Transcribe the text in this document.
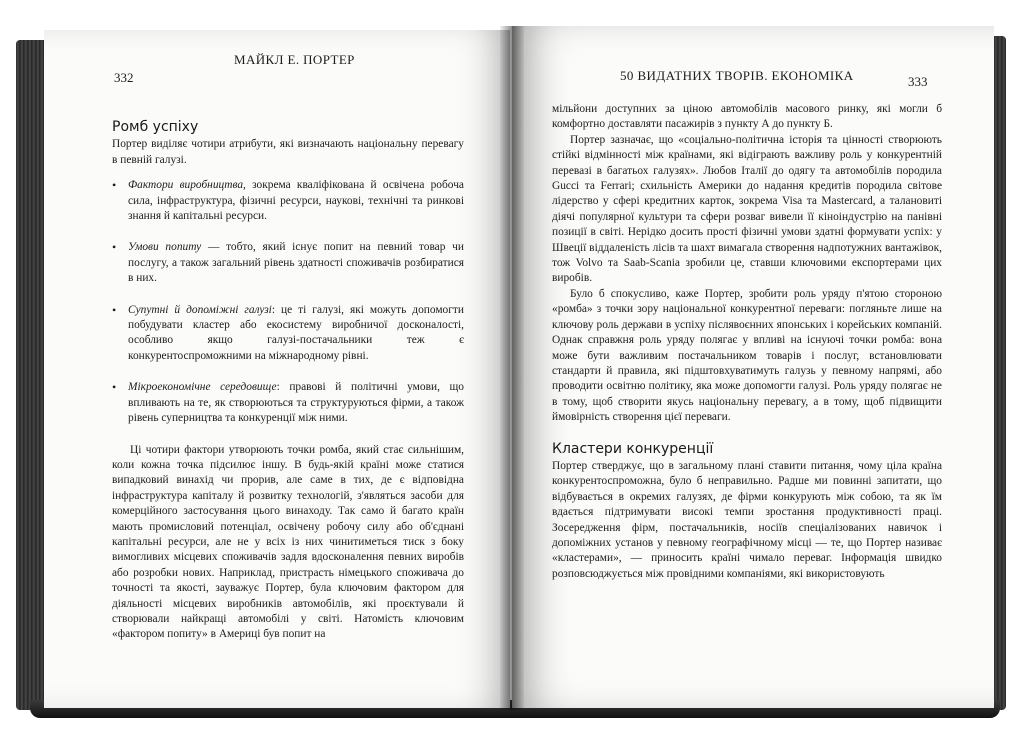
332
МАЙКЛ Е. ПОРТЕР
Ромб успіху

Портер виділяє чотири атрибути, які визначають національну перевагу в певній галузі.

• Фактори виробництва, зокрема кваліфікована й освічена робоча сила, інфраструктура, фізичні ресурси, наукові, технічні та ринкові знання й капітальні ресурси.
• Умови попиту — тобто, який існує попит на певний товар чи послугу, а також загальний рівень здатності споживачів розбиратися в них.
• Супутні й допоміжні галузі: це ті галузі, які можуть допомогти побудувати кластер або екосистему виробничої досконалості, особливо якщо галузі-постачальники теж є конкурентоспроможними на міжнародному рівні.
• Мікроекономічне середовище: правові й політичні умови, що впливають на те, як створюються та структуруються фірми, а також рівень суперництва та конкуренції між ними.

Ці чотири фактори утворюють точки ромба, який стає сильнішим, коли кожна точка підсилює іншу. В будь-якій країні може статися випадковий винахід чи прорив, але саме в тих, де є відповідна інфраструктура капіталу й розвитку технологій, з'являться засоби для комерційного застосування цього винаходу. Так само й багато країн мають промисловий потенціал, освічену робочу силу або об'єднані капітальні ресурси, але не у всіх із них чинитиметься тиск з боку вимогливих місцевих споживачів задля вдосконалення певних виробів або розробки нових. Наприклад, пристрасть німецького споживача до точності та якості, зауважує Портер, була ключовим фактором для діяльності місцевих виробників автомобілів, які проєктували й створювали найкращі автомобілі у світі. Натомість ключовим «фактором попиту» в Америці був попит на

50 ВИДАТНИХ ТВОРІВ. ЕКОНОМІКА	333

мільйони доступних за ціною автомобілів масового ринку, які могли б комфортно доставляти пасажирів з пункту А до пункту Б.

Портер зазначає, що «соціально-політична історія та цінності створюють стійкі відмінності між країнами, які відіграють важливу роль у конкурентній перевазі в багатьох галузях». Любов Італії до одягу та автомобілів породила Gucci та Ferrari; схильність Америки до надання кредитів породила світове лідерство у сфері кредитних карток, зокрема Visa та Mastercard, а талановиті діячі популярної культури та сфери розваг вивели її кіноіндустрію на панівні позиції в світі. Нерідко досить прості фізичні умови здатні формувати успіх: у Швеції віддаленість лісів та шахт вимагала створення надпотужних вантажівок, тож Volvo та Saab-Scania зробили це, ставши ключовими експортерами цих виробів.

Було б спокусливо, каже Портер, зробити роль уряду п'ятою стороною «ромба» з точки зору національної конкурентної переваги: погляньте лише на ключову роль держави в успіху післявоєнних японських і корейських компаній. Однак справжня роль уряду полягає у впливі на існуючі точки ромба: вона може бути важливим постачальником товарів і послуг, встановлювати стандарти й правила, які підштовхуватимуть галузь у певному напрямі, або проводити освітню політику, яка може допомогти галузі. Роль уряду полягає не в тому, щоб створити якусь національну перевагу, а в тому, щоб підвищити ймовірність створення цієї переваги.

Кластери конкуренції

Портер стверджує, що в загальному плані ставити питання, чому ціла країна конкурентоспроможна, було б неправильно. Радше ми повинні запитати, що відбувається в окремих галузях, де фірми конкурують між собою, та як їм вдається підтримувати високі темпи зростання продуктивності праці. Зосередження фірм, постачальників, носіїв спеціалізованих навичок і допоміжних установ у певному географічному місці — те, що Портер називає «кластерами», — приносить країні чимало переваг. Інформація швидко розповсюджується між провідними компаніями, які використовують
